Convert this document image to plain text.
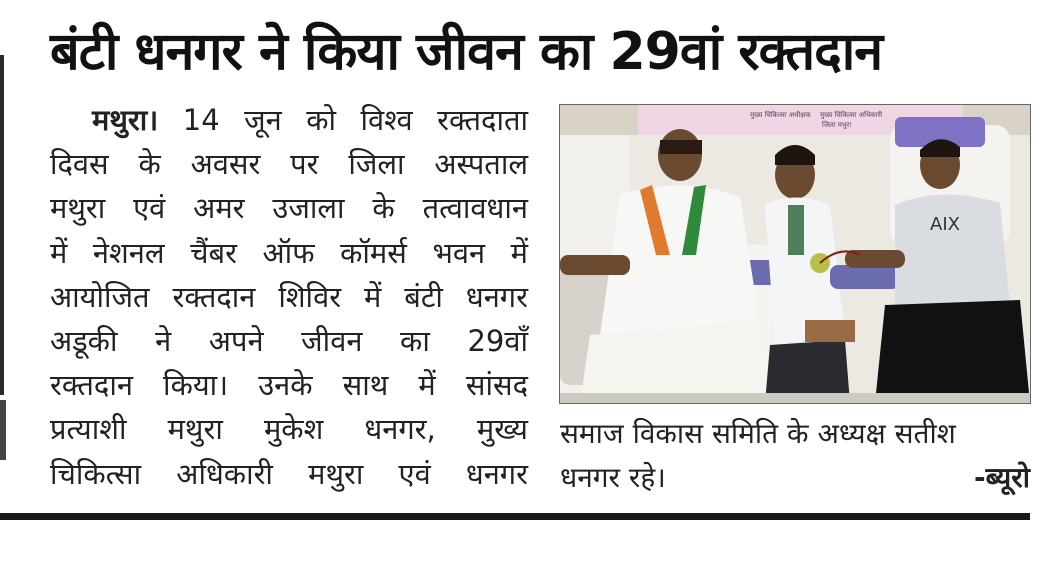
बंटी धनगर ने किया जीवन का 29वां रक्तदान
मथुरा। 14 जून को विश्व रक्तदाता
दिवस के अवसर पर जिला अस्पताल
मथुरा एवं अमर उजाला के तत्वावधान
में नेशनल चैंबर ऑफ कॉमर्स भवन में
आयोजित रक्तदान शिविर में बंटी धनगर
अडूकी ने अपने जीवन का 29वाँ
रक्तदान किया। उनके साथ में सांसद
प्रत्याशी मथुरा मुकेश धनगर, मुख्य
चिकित्सा अधिकारी मथुरा एवं धनगर
मुख्य चिकित्सा अधीक्षक मुख्य चिकित्सा अधिकारी
जिला मथुरा
AIX
समाज विकास समिति के अध्यक्ष सतीश
धनगर रहे।	-ब्यूरो
